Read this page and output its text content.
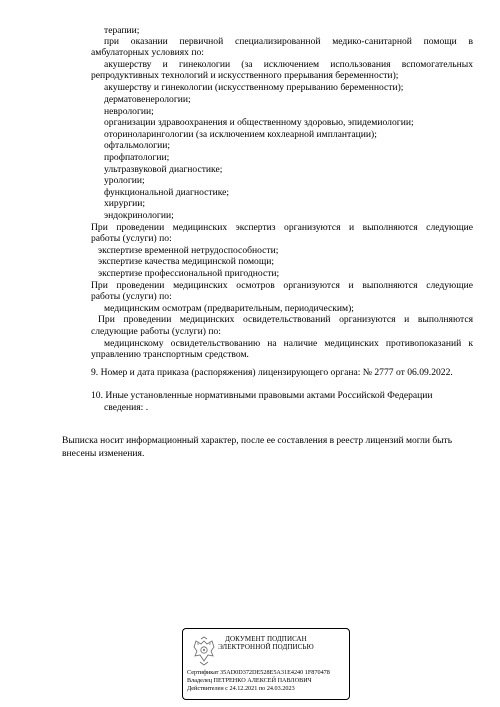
терапии;
при оказании первичной специализированной медико-санитарной помощи в
амбулаторных условиях по:
акушерству и гинекологии (за исключением использования вспомогательных
репродуктивных технологий и искусственного прерывания беременности);
акушерству и гинекологии (искусственному прерыванию беременности);
дерматовенерологии;
неврологии;
организации здравоохранения и общественному здоровью, эпидемиологии;
оториноларингологии (за исключением кохлеарной имплантации);
офтальмологии;
профпатологии;
ультразвуковой диагностике;
урологии;
функциональной диагностике;
хирургии;
эндокринологии;
При проведении медицинских экспертиз организуются и выполняются следующие
работы (услуги) по:
экспертизе временной нетрудоспособности;
экспертизе качества медицинской помощи;
экспертизе профессиональной пригодности;
При проведении медицинских осмотров организуются и выполняются следующие
работы (услуги) по:
медицинским осмотрам (предварительным, периодическим);
При проведении медицинских освидетельствований организуются и выполняются
следующие работы (услуги) по:
медицинскому освидетельствованию на наличие медицинских противопоказаний к
управлению транспортным средством.
9. Номер и дата приказа (распоряжения) лицензирующего органа: № 2777 от 06.09.2022.
10. Иные установленные нормативными правовыми актами Российской Федерации
сведения: .
Выписка носит информационный характер, после ее составления в реестр лицензий могли быть
внесены изменения.
ДОКУМЕНТ ПОДПИСАН
ЭЛЕКТРОННОЙ ПОДПИСЬЮ
Сертификат 35AD0D372DE528E5A31E4240 1F870478
Владелец ПЕТРЕНКО АЛЕКСЕЙ ПАВЛОВИЧ
Действителен с 24.12.2021 по 24.03.2023
